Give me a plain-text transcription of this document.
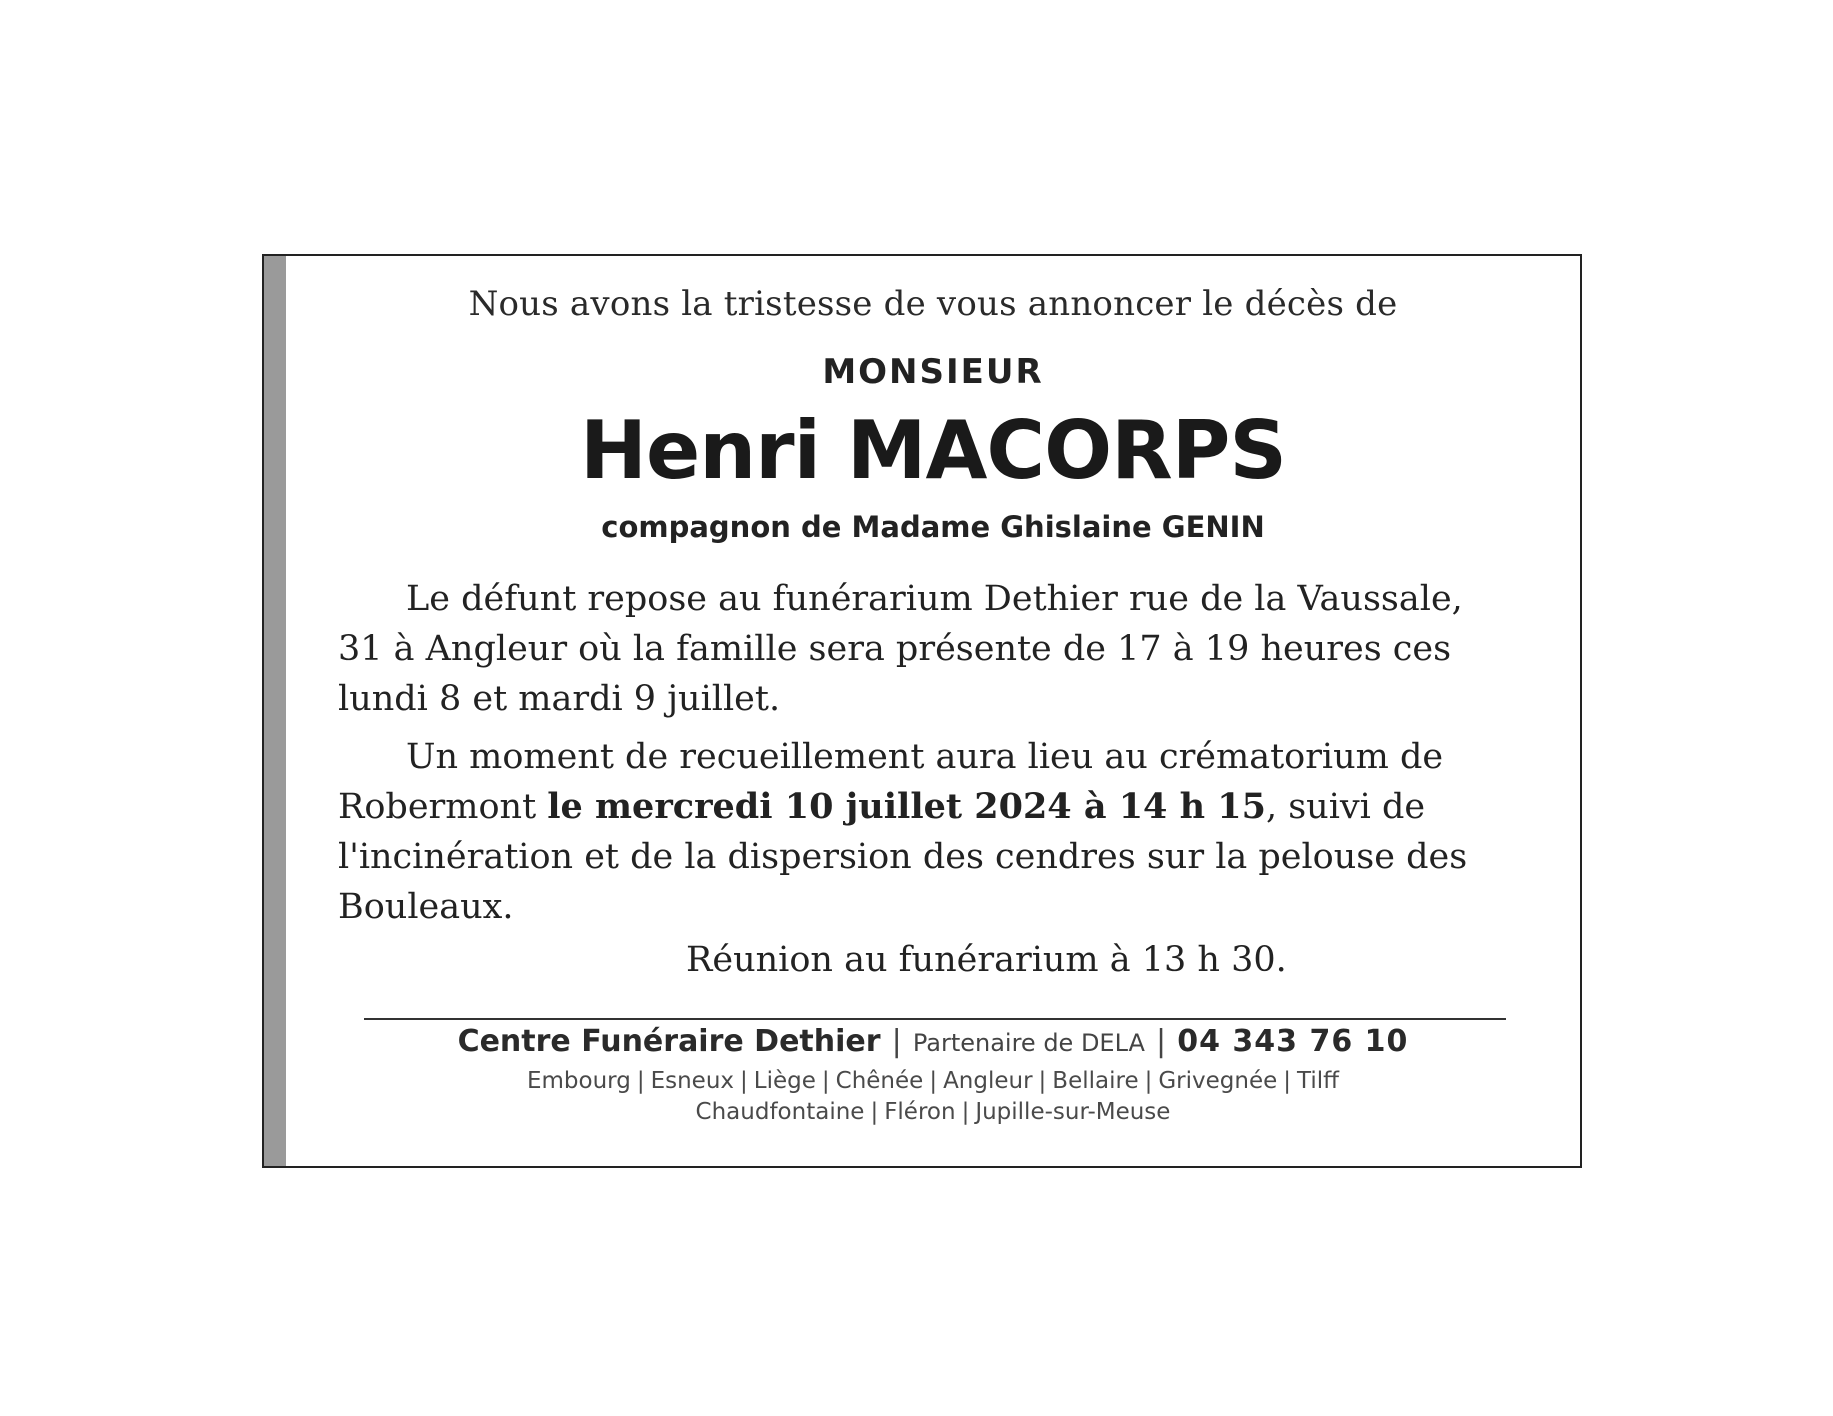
Nous avons la tristesse de vous annoncer le décès de
MONSIEUR
Henri MACORPS
compagnon de Madame Ghislaine GENIN

Le défunt repose au funérarium Dethier rue de la Vaussale, 31 à Angleur où la famille sera présente de 17 à 19 heures ces lundi 8 et mardi 9 juillet.

Un moment de recueillement aura lieu au crématorium de Robermont le mercredi 10 juillet 2024 à 14 h 15, suivi de l'incinération et de la dispersion des cendres sur la pelouse des Bouleaux.

Réunion au funérarium à 13 h 30.
Centre Funéraire Dethier | Partenaire de DELA | 04 343 76 10
Embourg | Esneux | Liège | Chênée | Angleur | Bellaire | Grivegnée | Tilff
Chaudfontaine | Fléron | Jupille-sur-Meuse
